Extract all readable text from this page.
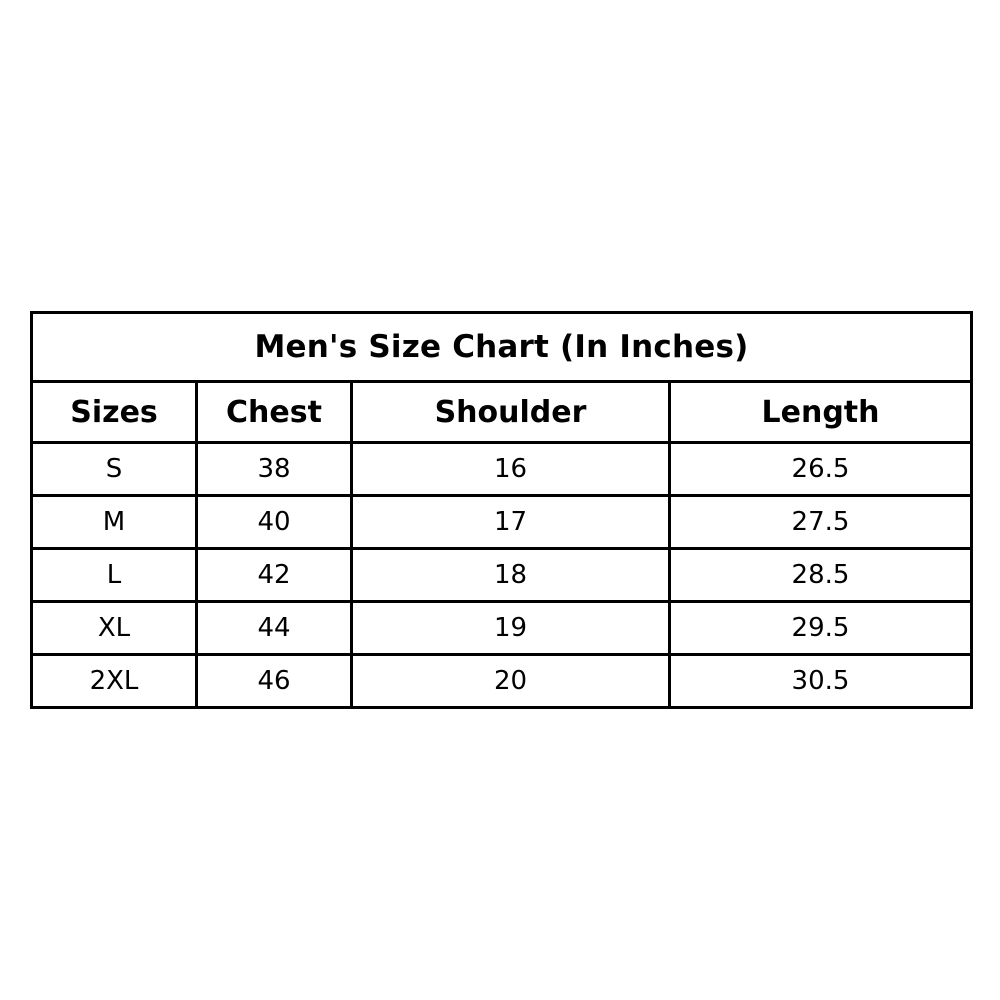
Men's Size Chart (In Inches)			
Sizes	Chest	Shoulder	Length
S	38	16	26.5
M	40	17	27.5
L	42	18	28.5
XL	44	19	29.5
2XL	46	20	30.5
